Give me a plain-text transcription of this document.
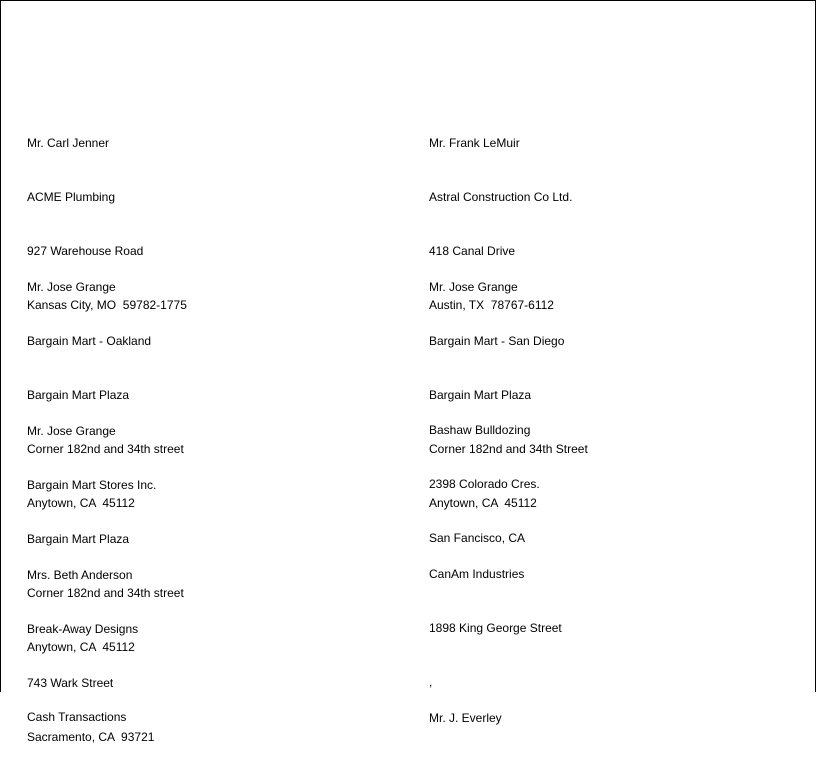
Mr. Carl Jenner

ACME Plumbing

927 Warehouse Road

Kansas City, MO  59782-1775

Mr. Frank LeMuir

Astral Construction Co Ltd.

418 Canal Drive

Austin, TX  78767-6112

Mr. Jose Grange

Bargain Mart - Oakland

Bargain Mart Plaza

Corner 182nd and 34th street

Anytown, CA  45112

Mr. Jose Grange

Bargain Mart - San Diego

Bargain Mart Plaza

Corner 182nd and 34th Street

Anytown, CA  45112

Mr. Jose Grange

Bargain Mart Stores Inc.

Bargain Mart Plaza

Corner 182nd and 34th street

Anytown, CA  45112

Bashaw Bulldozing

2398 Colorado Cres.

San Fancisco, CA

Mrs. Beth Anderson

Break-Away Designs

743 Wark Street

Sacramento, CA  93721

CanAm Industries

1898 King George Street

,

Cash Transactions

	Mr. J. Everley
